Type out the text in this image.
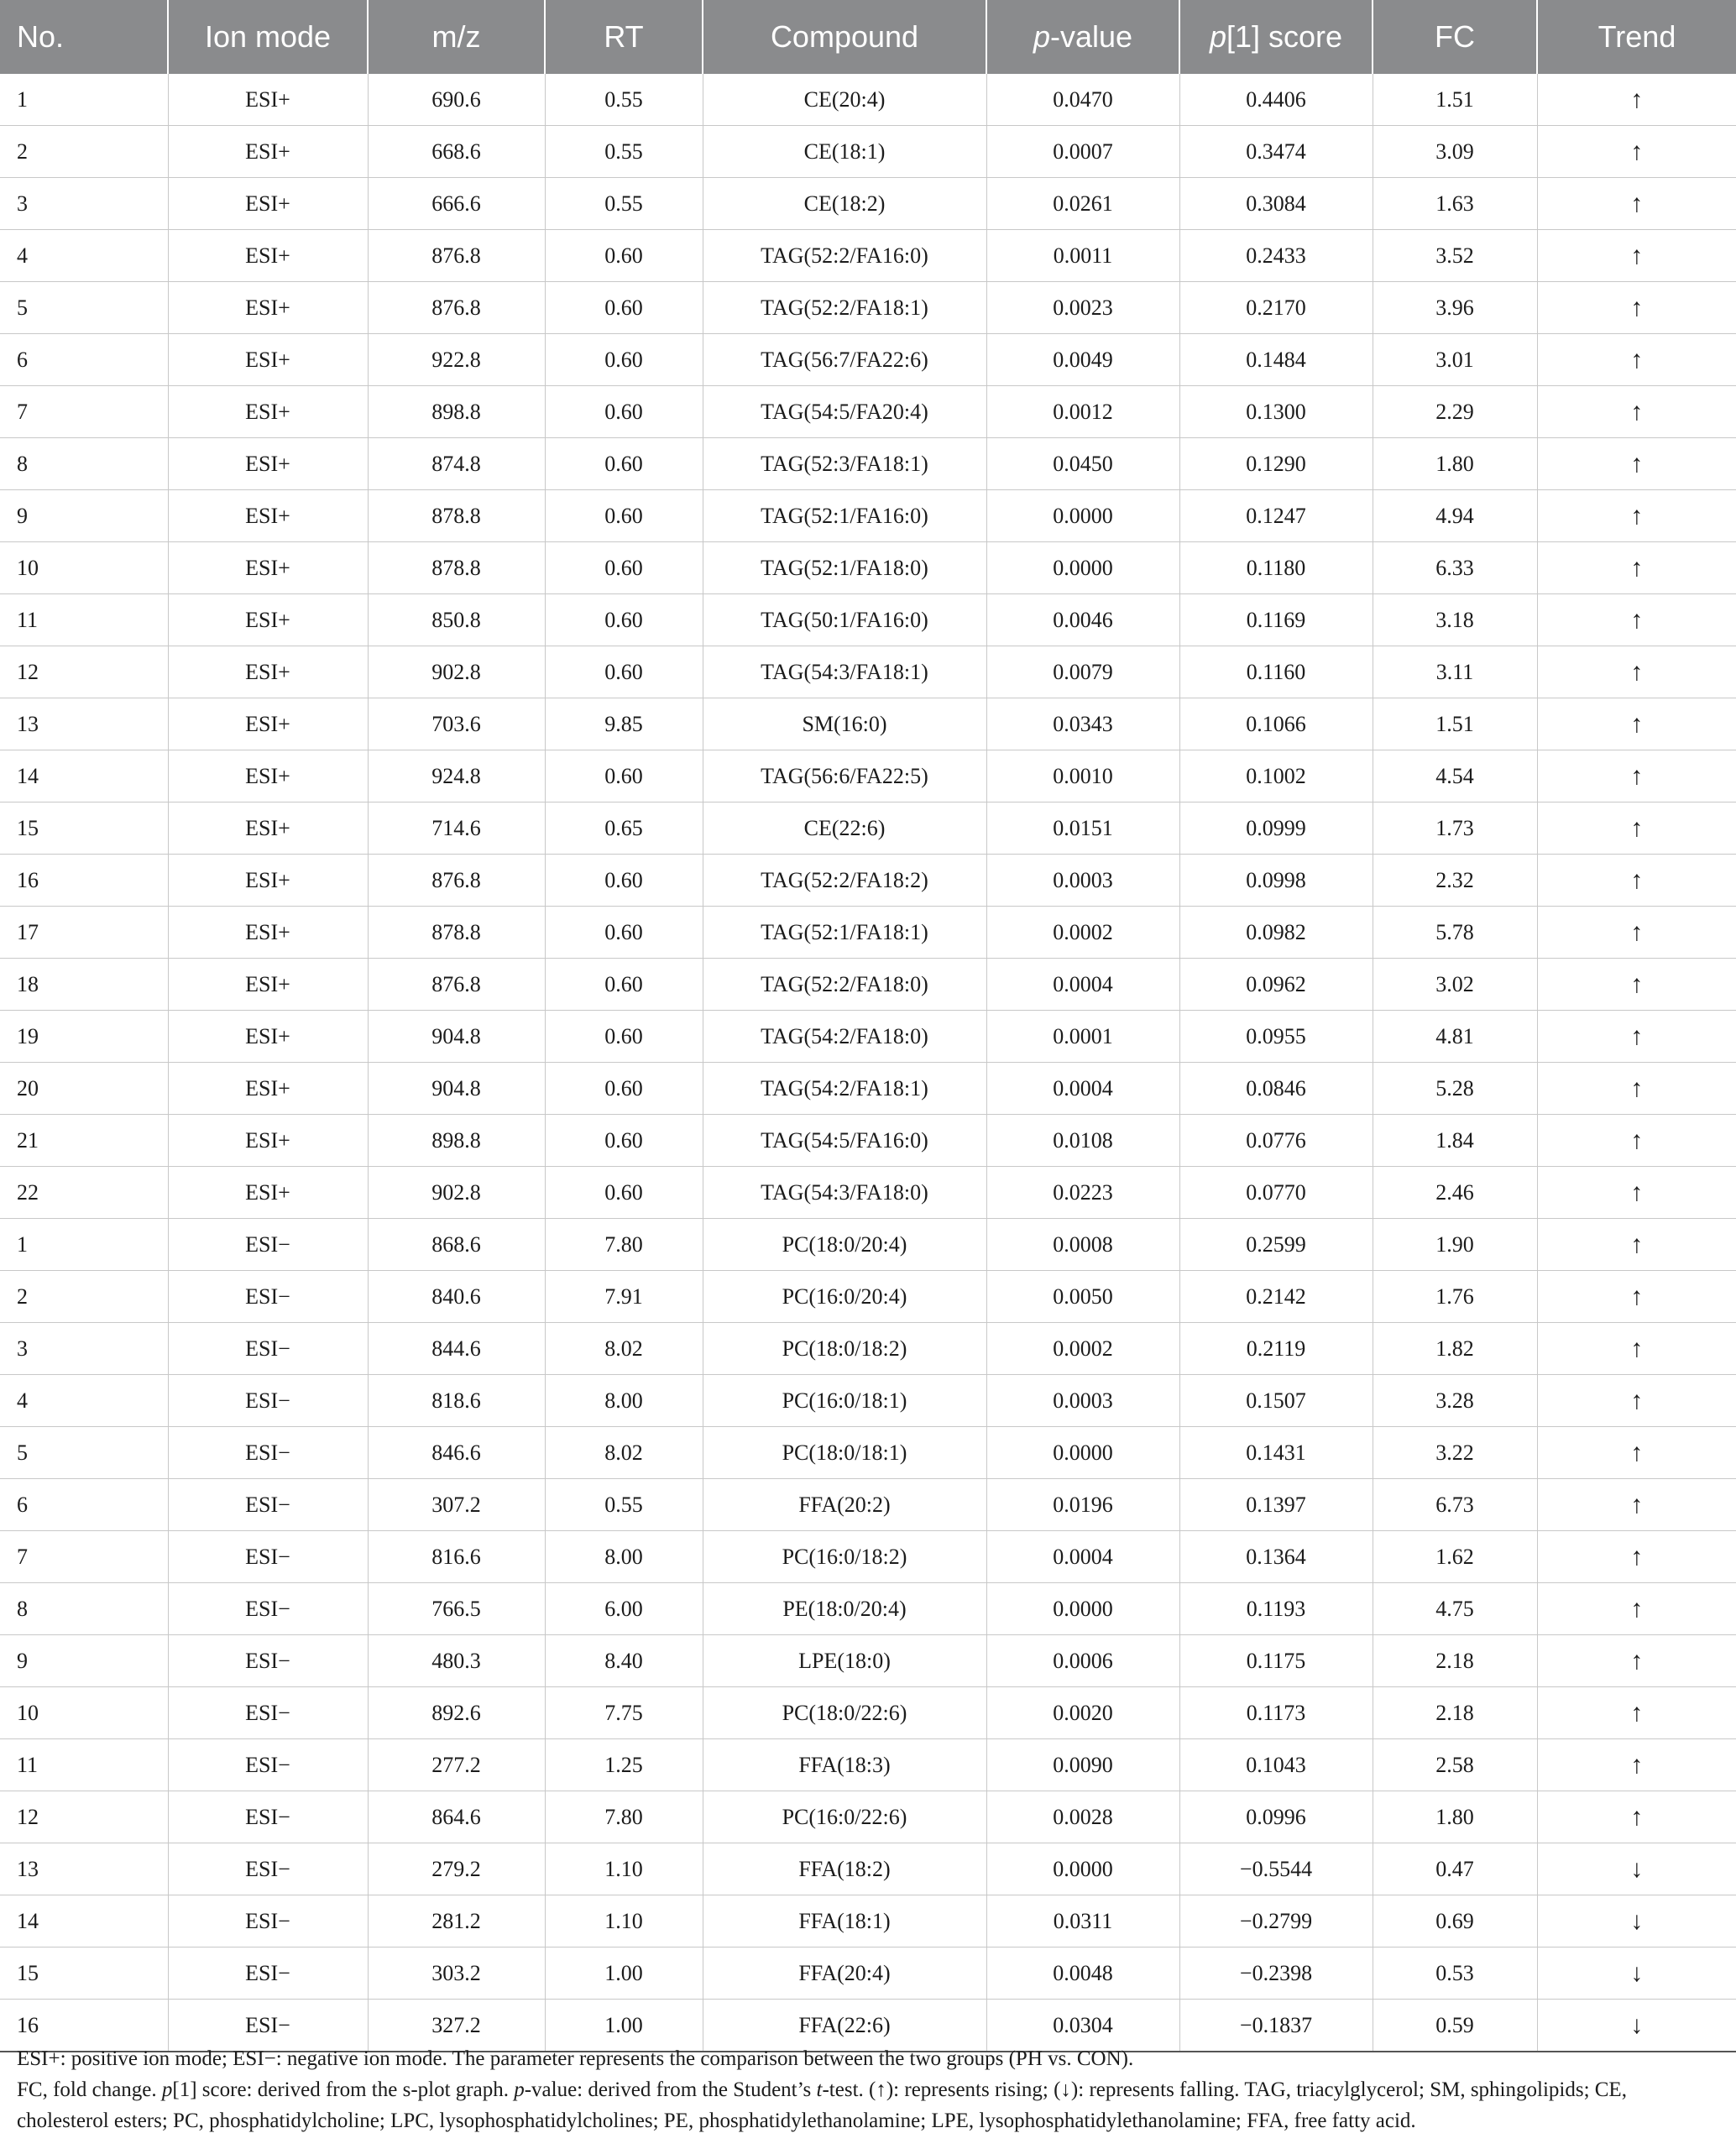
No.	Ion mode	m/z	RT	Compound	p-value	p[1] score	FC	Trend
1	ESI+	690.6	0.55	CE(20:4)	0.0470	0.4406	1.51	↑
2	ESI+	668.6	0.55	CE(18:1)	0.0007	0.3474	3.09	↑
3	ESI+	666.6	0.55	CE(18:2)	0.0261	0.3084	1.63	↑
4	ESI+	876.8	0.60	TAG(52:2/FA16:0)	0.0011	0.2433	3.52	↑
5	ESI+	876.8	0.60	TAG(52:2/FA18:1)	0.0023	0.2170	3.96	↑
6	ESI+	922.8	0.60	TAG(56:7/FA22:6)	0.0049	0.1484	3.01	↑
7	ESI+	898.8	0.60	TAG(54:5/FA20:4)	0.0012	0.1300	2.29	↑
8	ESI+	874.8	0.60	TAG(52:3/FA18:1)	0.0450	0.1290	1.80	↑
9	ESI+	878.8	0.60	TAG(52:1/FA16:0)	0.0000	0.1247	4.94	↑
10	ESI+	878.8	0.60	TAG(52:1/FA18:0)	0.0000	0.1180	6.33	↑
11	ESI+	850.8	0.60	TAG(50:1/FA16:0)	0.0046	0.1169	3.18	↑
12	ESI+	902.8	0.60	TAG(54:3/FA18:1)	0.0079	0.1160	3.11	↑
13	ESI+	703.6	9.85	SM(16:0)	0.0343	0.1066	1.51	↑
14	ESI+	924.8	0.60	TAG(56:6/FA22:5)	0.0010	0.1002	4.54	↑
15	ESI+	714.6	0.65	CE(22:6)	0.0151	0.0999	1.73	↑
16	ESI+	876.8	0.60	TAG(52:2/FA18:2)	0.0003	0.0998	2.32	↑
17	ESI+	878.8	0.60	TAG(52:1/FA18:1)	0.0002	0.0982	5.78	↑
18	ESI+	876.8	0.60	TAG(52:2/FA18:0)	0.0004	0.0962	3.02	↑
19	ESI+	904.8	0.60	TAG(54:2/FA18:0)	0.0001	0.0955	4.81	↑
20	ESI+	904.8	0.60	TAG(54:2/FA18:1)	0.0004	0.0846	5.28	↑
21	ESI+	898.8	0.60	TAG(54:5/FA16:0)	0.0108	0.0776	1.84	↑
22	ESI+	902.8	0.60	TAG(54:3/FA18:0)	0.0223	0.0770	2.46	↑
1	ESI−	868.6	7.80	PC(18:0/20:4)	0.0008	0.2599	1.90	↑
2	ESI−	840.6	7.91	PC(16:0/20:4)	0.0050	0.2142	1.76	↑
3	ESI−	844.6	8.02	PC(18:0/18:2)	0.0002	0.2119	1.82	↑
4	ESI−	818.6	8.00	PC(16:0/18:1)	0.0003	0.1507	3.28	↑
5	ESI−	846.6	8.02	PC(18:0/18:1)	0.0000	0.1431	3.22	↑
6	ESI−	307.2	0.55	FFA(20:2)	0.0196	0.1397	6.73	↑
7	ESI−	816.6	8.00	PC(16:0/18:2)	0.0004	0.1364	1.62	↑
8	ESI−	766.5	6.00	PE(18:0/20:4)	0.0000	0.1193	4.75	↑
9	ESI−	480.3	8.40	LPE(18:0)	0.0006	0.1175	2.18	↑
10	ESI−	892.6	7.75	PC(18:0/22:6)	0.0020	0.1173	2.18	↑
11	ESI−	277.2	1.25	FFA(18:3)	0.0090	0.1043	2.58	↑
12	ESI−	864.6	7.80	PC(16:0/22:6)	0.0028	0.0996	1.80	↑
13	ESI−	279.2	1.10	FFA(18:2)	0.0000	−0.5544	0.47	↓
14	ESI−	281.2	1.10	FFA(18:1)	0.0311	−0.2799	0.69	↓
15	ESI−	303.2	1.00	FFA(20:4)	0.0048	−0.2398	0.53	↓
16	ESI−	327.2	1.00	FFA(22:6)	0.0304	−0.1837	0.59	↓

ESI+: positive ion mode; ESI−: negative ion mode. The parameter represents the comparison between the two groups (PH vs. CON).

FC, fold change. p[1] score: derived from the s-plot graph. p-value: derived from the Student’s t-test. (↑): represents rising; (↓): represents falling. TAG, triacylglycerol; SM, sphingolipids; CE, cholesterol esters; PC, phosphatidylcholine; LPC, lysophosphatidylcholines; PE, phosphatidylethanolamine; LPE, lysophosphatidylethanolamine; FFA, free fatty acid.
